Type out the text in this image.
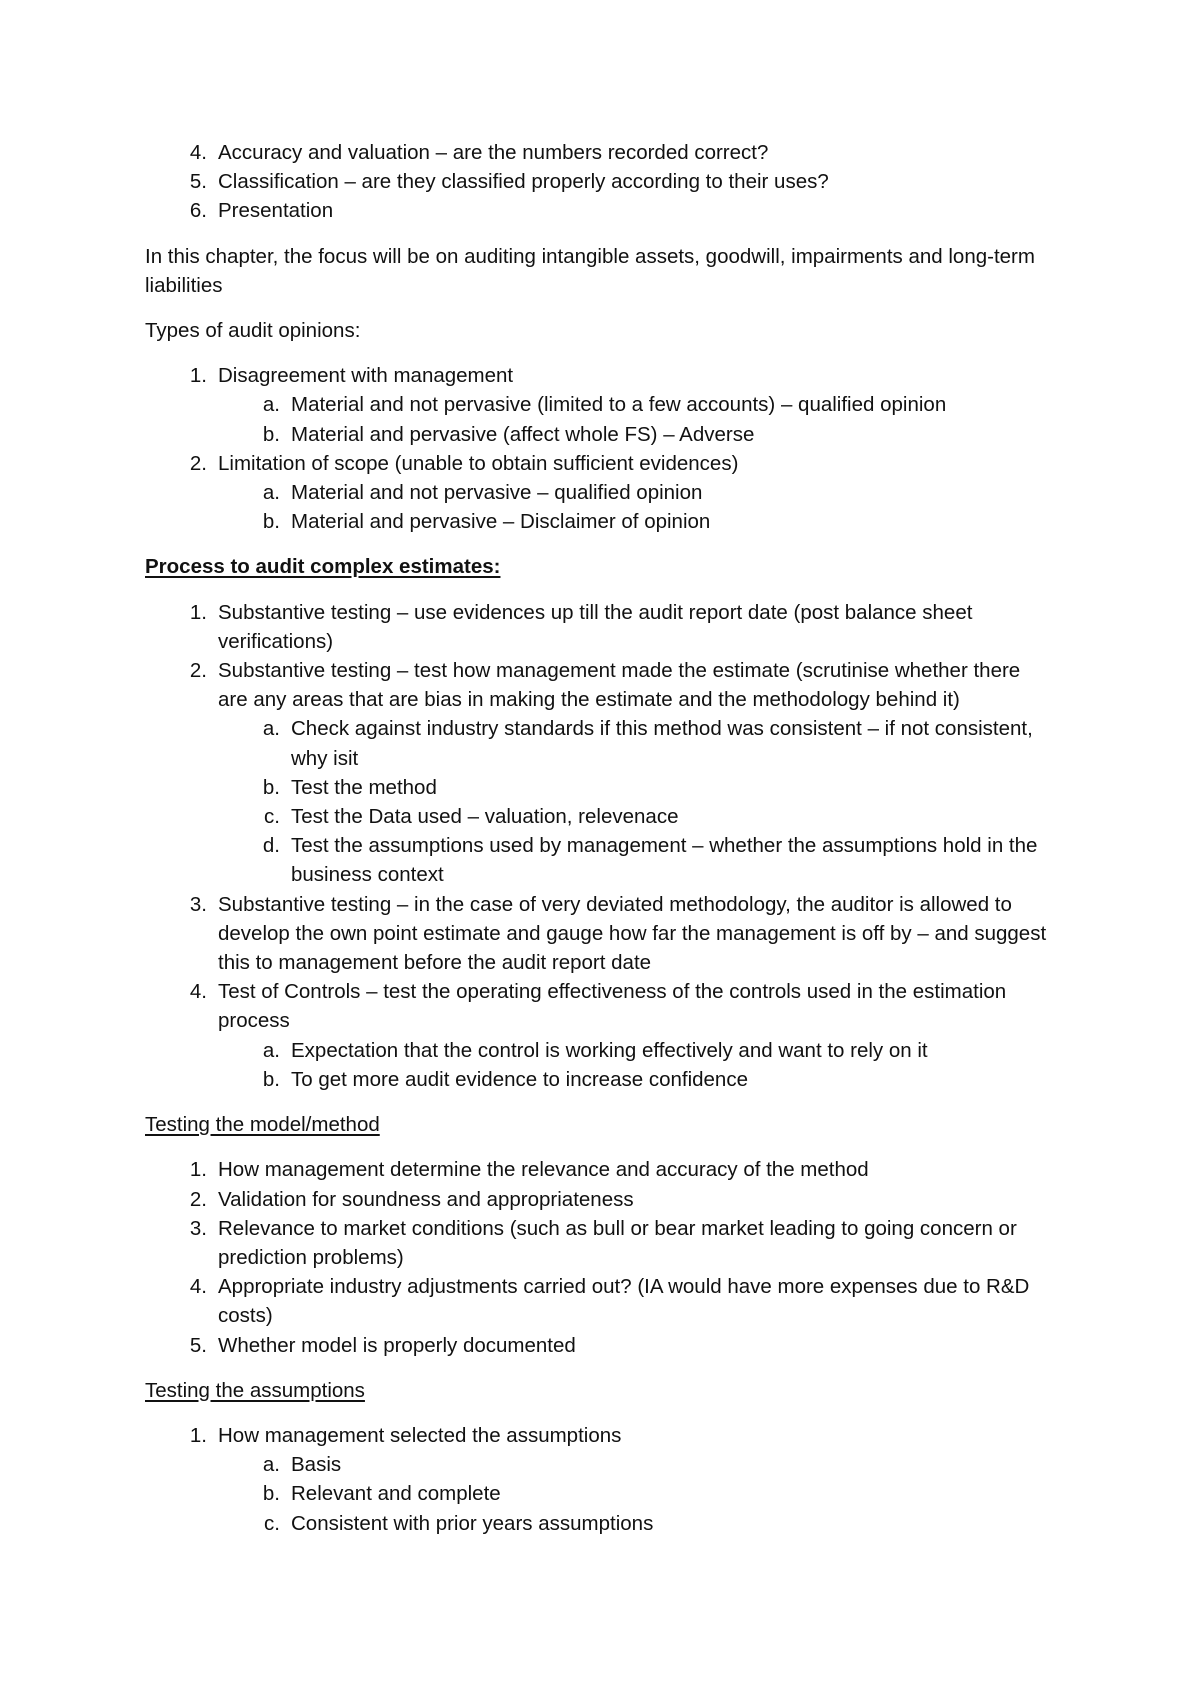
4. Accuracy and valuation – are the numbers recorded correct?
5. Classification – are they classified properly according to their uses?
6. Presentation

In this chapter, the focus will be on auditing intangible assets, goodwill, impairments and long-term liabilities

Types of audit opinions:

1. Disagreement with management
a. Material and not pervasive (limited to a few accounts) – qualified opinion
b. Material and pervasive (affect whole FS) – Adverse
2. Limitation of scope (unable to obtain sufficient evidences)
a. Material and not pervasive – qualified opinion
b. Material and pervasive – Disclaimer of opinion

Process to audit complex estimates:

1. Substantive testing – use evidences up till the audit report date (post balance sheet verifications)
2. Substantive testing – test how management made the estimate (scrutinise whether there are any areas that are bias in making the estimate and the methodology behind it)
a. Check against industry standards if this method was consistent – if not consistent, why isit
b. Test the method
c. Test the Data used – valuation, relevenace
d. Test the assumptions used by management – whether the assumptions hold in the business context
3. Substantive testing – in the case of very deviated methodology, the auditor is allowed to develop the own point estimate and gauge how far the management is off by – and suggest this to management before the audit report date
4. Test of Controls – test the operating effectiveness of the controls used in the estimation process
a. Expectation that the control is working effectively and want to rely on it
b. To get more audit evidence to increase confidence

Testing the model/method

1. How management determine the relevance and accuracy of the method
2. Validation for soundness and appropriateness
3. Relevance to market conditions (such as bull or bear market leading to going concern or prediction problems)
4. Appropriate industry adjustments carried out? (IA would have more expenses due to R&D costs)
5. Whether model is properly documented

Testing the assumptions

1. How management selected the assumptions
a. Basis
b. Relevant and complete
c. Consistent with prior years assumptions
